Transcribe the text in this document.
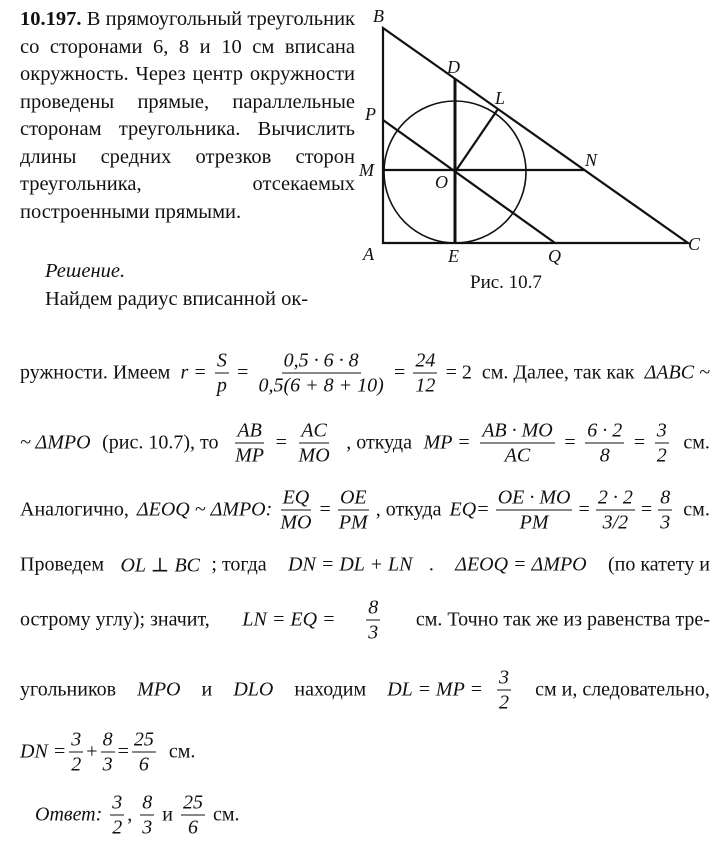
10.197. В прямоугольный треугольник со сторонами 6, 8 и 10 см вписана окружность. Через центр окружности проведены прямые, параллельные сторонам треугольника. Вычислить длины средних отрезков сторон треугольника, отсекаемых построенными прямыми.
Решение.
Найдем радиус вписанной ок-
B
A	C
D
L
P
M
O
N
E	Q
Рис. 10.7
ружности. Имеем $r = \frac{S}{p} = \frac{0,5 \cdot 6 \cdot 8}{0,5(6 + 8 + 10)} = \frac{24}{12} = 2$  см. Далее, так как ΔABC ~
~ ΔMPO (рис. 10.7), то $\frac{AB}{MP} = \frac{AC}{MO}$ , откуда MP = $\frac{AB \cdot MO}{AC} = \frac{6 \cdot 2}{8} = \frac{3}{2}$ см.
Аналогично, ΔEOQ ~ ΔMPO: $\frac{EQ}{MO} = \frac{OE}{PM}$ , откуда $EQ= \frac{OE \cdot MO}{PM} = \frac{2 \cdot 2}{3/2} = \frac{8}{3}$ см.
Проведем OL ⊥ BC ; тогда DN = DL + LN . ΔEOQ = ΔMPO (по катету и
острому углу); значит, LN = EQ = $\frac{8}{3}$ см. Точно так же из равенства тре-
угольников MPO и DLO находим DL = MP = $\frac{3}{2}$ см и, следовательно,
DN = $\frac{3}{2} + \frac{8}{3} = \frac{25}{6}$ см.
Ответ: $\frac{3}{2}$ , $\frac{8}{3}$ и $\frac{25}{6}$ см.
